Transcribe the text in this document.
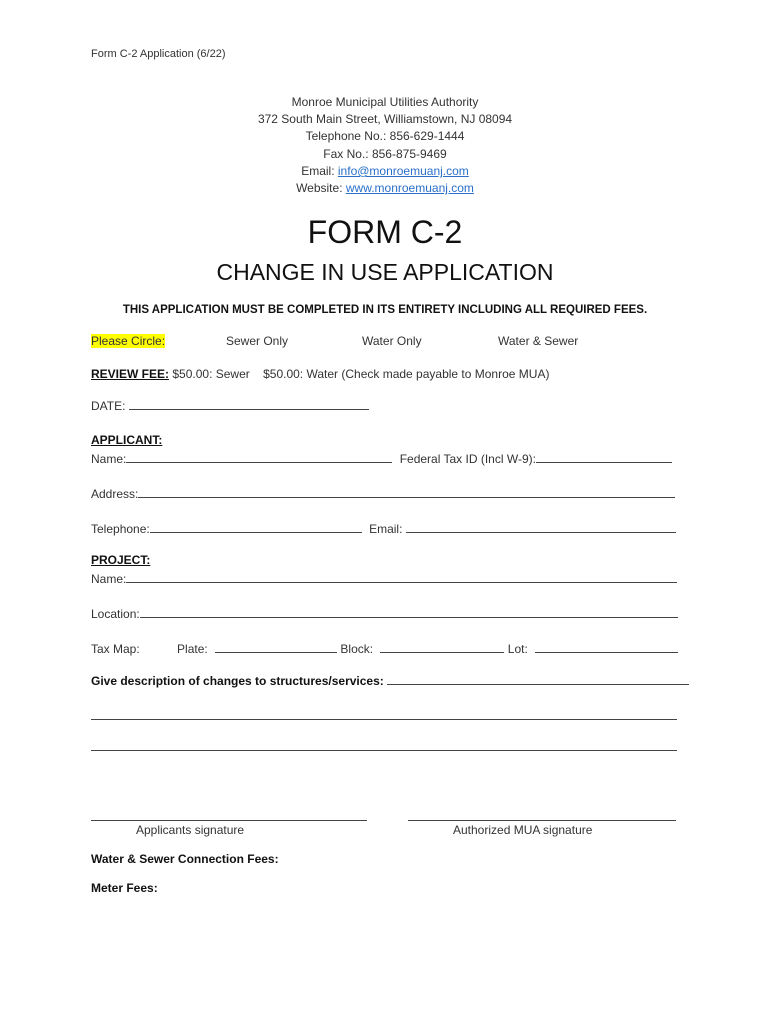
Form C-2 Application (6/22)
Monroe Municipal Utilities Authority
372 South Main Street, Williamstown, NJ 08094
Telephone No.: 856-629-1444
Fax No.: 856-875-9469
Email: info@monroemuanj.com
Website: www.monroemuanj.com
FORM C-2
CHANGE IN USE APPLICATION
THIS APPLICATION MUST BE COMPLETED IN ITS ENTIRETY INCLUDING ALL REQUIRED FEES.
Please Circle:	Sewer Only	Water Only	Water & Sewer
REVIEW FEE: $50.00: Sewer $50.00: Water (Check made payable to Monroe MUA)
DATE:
APPLICANT:
Name:	Federal Tax ID (Incl W-9):
Address:
Telephone:	Email:
PROJECT:
Name:
Location:
Tax Map:	Plate:	Block:	Lot:
Give description of changes to structures/services:
Applicants signature	Authorized MUA signature
Water & Sewer Connection Fees:
Meter Fees:
